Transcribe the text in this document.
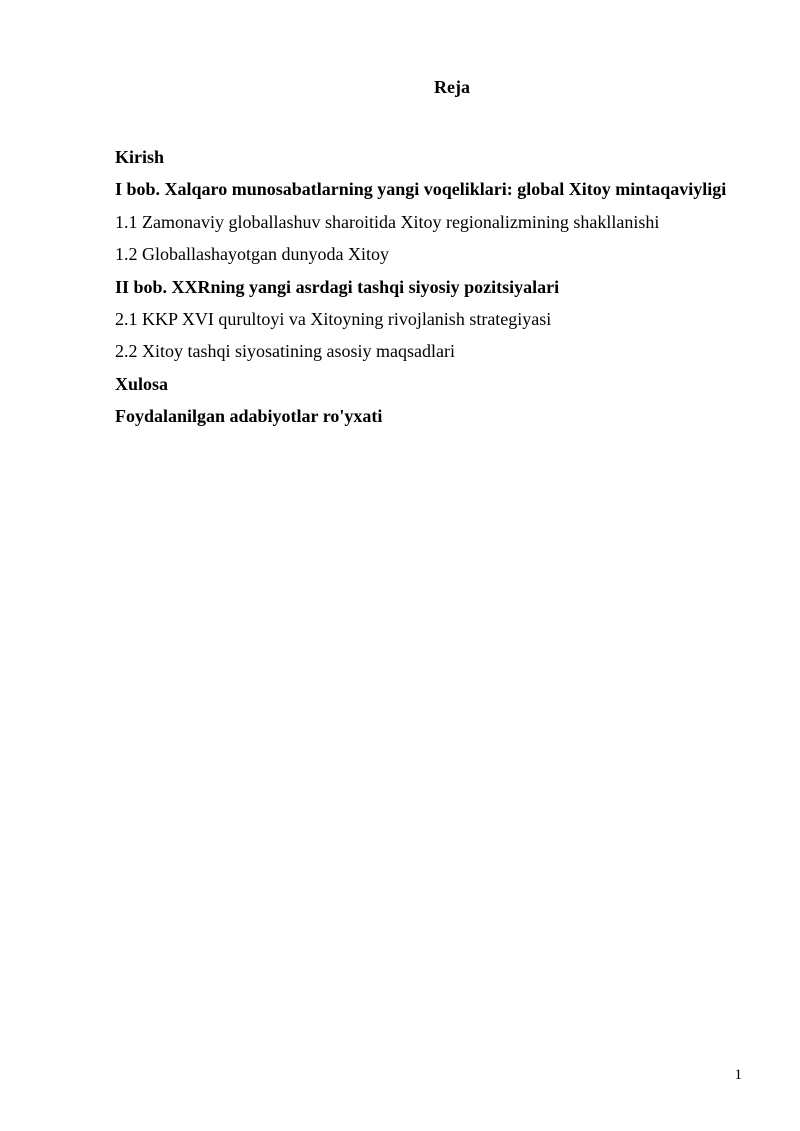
Reja
Kirish
I bob. Xalqaro munosabatlarning yangi voqeliklari: global Xitoy mintaqaviyligi
1.1 Zamonaviy globallashuv sharoitida Xitoy regionalizmining shakllanishi
1.2 Globallashayotgan dunyoda Xitoy
II bob. XXRning yangi asrdagi tashqi siyosiy pozitsiyalari
2.1 KKP XVI qurultoyi va Xitoyning rivojlanish strategiyasi
2.2 Xitoy tashqi siyosatining asosiy maqsadlari
Xulosa
Foydalanilgan adabiyotlar ro'yxati
1
